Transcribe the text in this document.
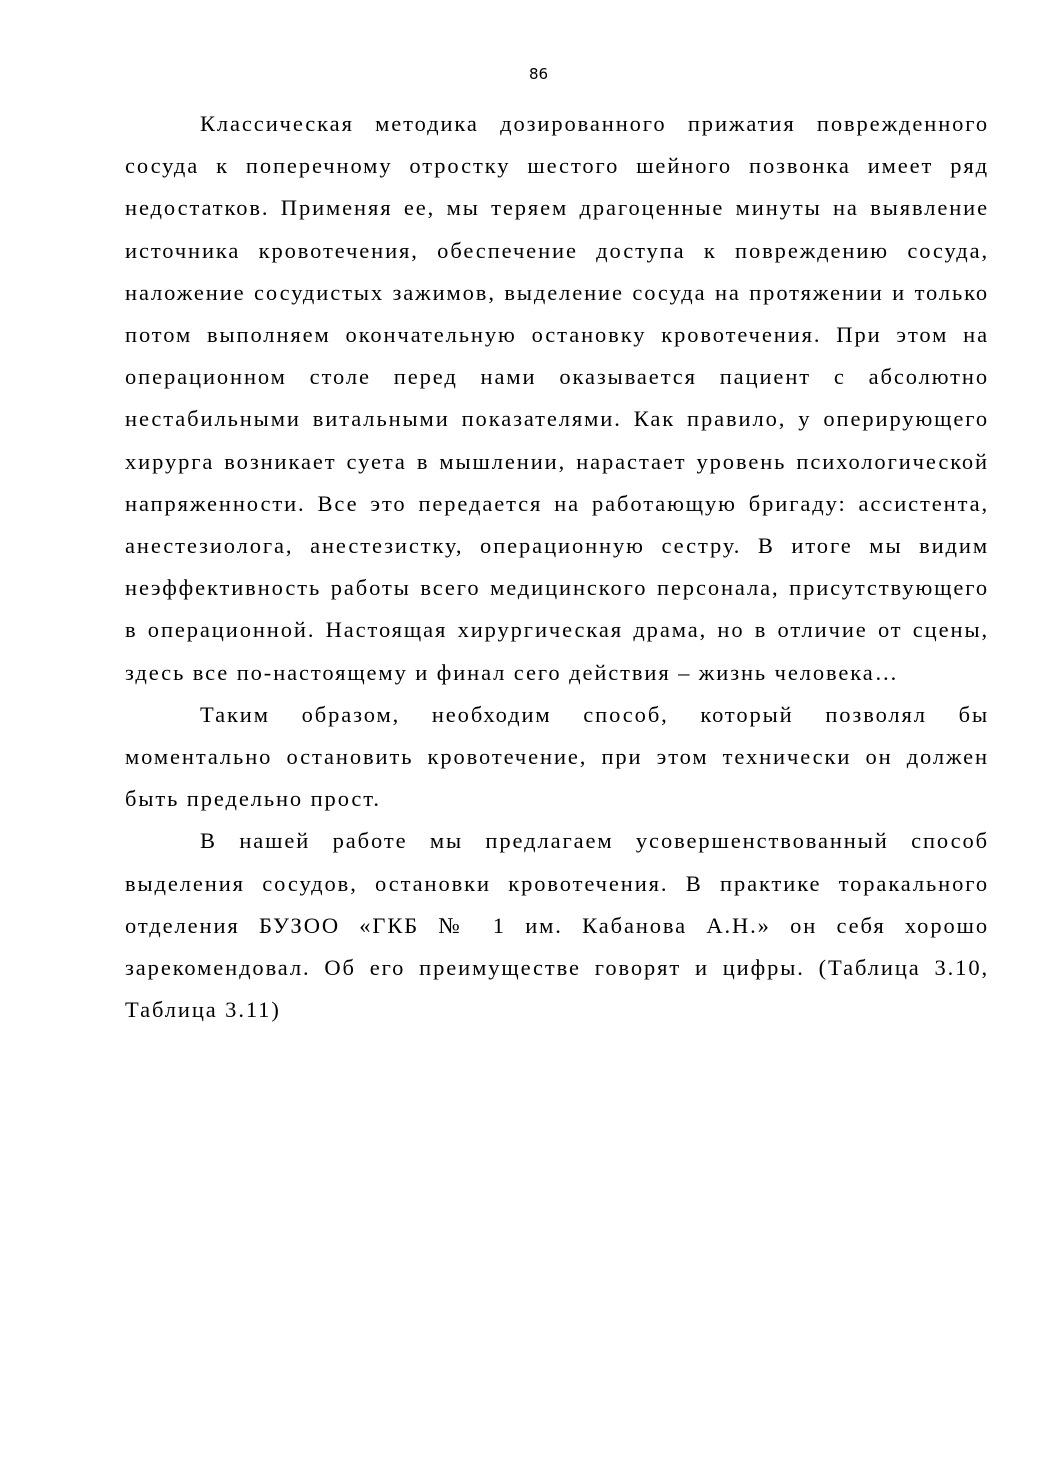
86

Классическая методика дозированного прижатия поврежденного сосуда к поперечному отростку шестого шейного позвонка имеет ряд недостатков. Применяя ее, мы теряем драгоценные минуты на выявление источника кровотечения, обеспечение доступа к повреждению сосуда, наложение сосудистых зажимов, выделение сосуда на протяжении и только потом выполняем окончательную остановку кровотечения. При этом на операционном столе перед нами оказывается пациент с абсолютно нестабильными витальными показателями. Как правило, у оперирующего хирурга возникает суета в мышлении, нарастает уровень психологической напряженности. Все это передается на работающую бригаду: ассистента, анестезиолога, анестезистку, операционную сестру. В итоге мы видим неэффективность работы всего медицинского персонала, присутствующего в операционной. Настоящая хирургическая драма, но в отличие от сцены, здесь все по-настоящему и финал сего действия – жизнь человека…

Таким образом, необходим способ, который позволял бы моментально остановить кровотечение, при этом технически он должен быть предельно прост.

В нашей работе мы предлагаем усовершенствованный способ выделения сосудов, остановки кровотечения. В практике торакального отделения БУЗОО «ГКБ № 1 им. Кабанова А.Н.» он себя хорошо зарекомендовал. Об его преимуществе говорят и цифры. (Таблица 3.10, Таблица 3.11)
